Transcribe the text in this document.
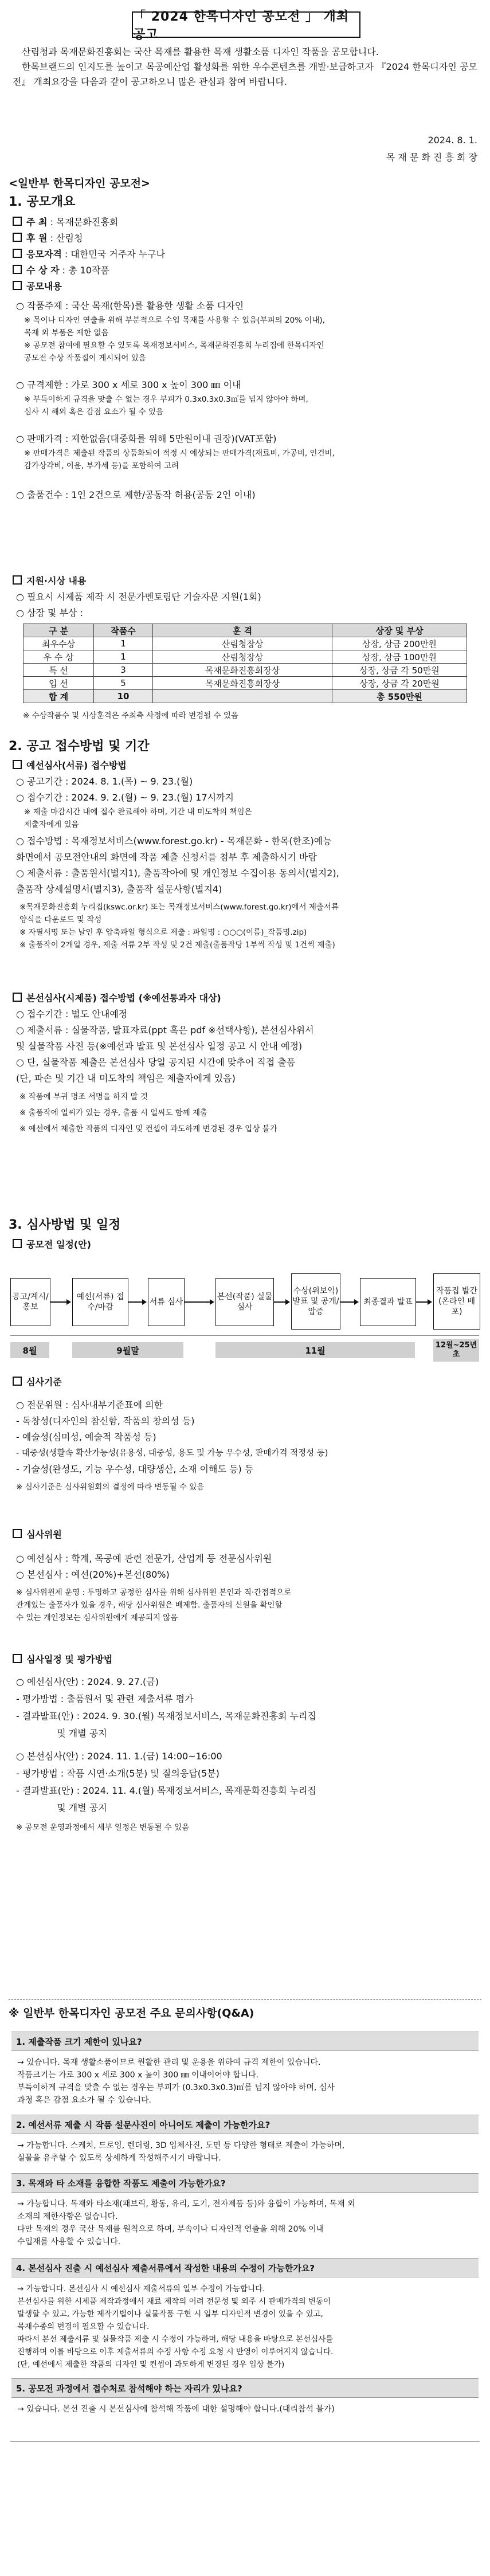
「 2024 한목디자인 공모전 」 개최 공고

산림청과 목재문화진흥회는 국산 목재를 활용한 목재 생활소품 디자인 작품을 공모합니다.

한목브랜드의 인지도를 높이고 목공예산업 활성화를 위한 우수콘텐츠를 개발·보급하고자 『2024 한목디자인 공모전』 개최요강을 다음과 같이 공고하오니 많은 관심과 참여 바랍니다.

2024. 8. 1.
목 재 문 화 진 흥 회 장
<일반부 한목디자인 공모전>
1. 공모개요
주 최 : 목재문화진흥회
후 원 : 산림청
응모자격 : 대한민국 거주자 누구나
수 상 자 : 총 10작품
공모내용
○ 작품주제 : 국산 목재(한목)를 활용한 생활 소품 디자인
※ 목이나 디자인 연출을 위해 부분적으로 수입 목재를 사용할 수 있음(부피의 20% 이내),
목재 외 부품은 제한 없음
※ 공모전 참여에 필요할 수 있도록 목재정보서비스, 목재문화진흥회 누리집에 한목디자인
공모전 수상 작품집이 게시되어 있음
○ 규격제한 : 가로 300 x 세로 300 x 높이 300 ㎜ 이내
※ 부득이하게 규격을 맞출 수 없는 경우 부피가 0.3x0.3x0.3㎥를 넘지 않아야 하며,
심사 시 해외 혹은 감점 요소가 될 수 있음
○ 판매가격 : 제한없음(대중화를 위해 5만원이내 권장)(VAT포함)
※ 판매가격은 제출된 작품의 상품화되어 적정 시 예상되는 판매가격(재료비, 가공비, 인건비,
감가상각비, 이윤, 부가세 등)을 포함하여 고려
○ 출품건수 : 1인 2건으로 제한/공동작 허용(공동 2인 이내)
지원·시상 내용
○ 필요시 시제품 제작 시 전문가멘토링단 기술자문 지원(1회)
○ 상장 및 부상 :
구 분	작품수	훈 격	상장 및 부상
최우수상	1	산림청장상	상장, 상금 200만원
우 수 상	1	산림청장상	상장, 상금 100만원
특 선	3	목재문화진흥회장상	상장, 상금 각 50만원
입 선	5	목재문화진흥회장상	상장, 상금 각 20만원
합 계	10		총 550만원
※ 수상작품수 및 시상훈격은 주최측 사정에 따라 변경될 수 있음
2. 공고 접수방법 및 기간
예선심사(서류) 접수방법
○ 공고기간 : 2024. 8. 1.(목) ~ 9. 23.(월)
○ 접수기간 : 2024. 9. 2.(월) ~ 9. 23.(월) 17시까지
※ 제출 마감시간 내에 접수 완료해야 하며, 기간 내 미도착의 책임은
제출자에게 있음
○ 접수방법 : 목재정보서비스(www.forest.go.kr) - 목재문화 - 한목(한조)예능
화면에서 공모전안내의 화면에 작품 제출 신청서를 첨부 후 제출하시기 바람
○ 제출서류 : 출품원서(별지1), 출품작아에 및 개인정보 수집이용 동의서(별지2),
출품작 상세설명서(별지3), 출품작 설문사항(별지4)
※목재문화진흥회 누리집(kswc.or.kr) 또는 목재정보서비스(www.forest.go.kr)에서 제출서류
양식을 다운로드 및 작성
※ 자필서명 또는 날인 후 압축파일 형식으로 제출 : 파일명 : ○○○(이름)_작품명.zip)
※ 출품작이 2개일 경우, 제출 서류 2부 작성 및 2건 제출(출품작당 1부씩 작성 및 1건씩 제출)
본선심사(시제품) 접수방법 (※예선통과자 대상)
○ 접수기간 : 별도 안내예정
○ 제출서류 : 실물작품, 발표자료(ppt 혹은 pdf ※선택사항), 본선심사위서
및 실물작품 사진 등(※예선과 발표 및 본선심사 일정 공고 시 안내 예정)
○ 단, 실물작품 제출은 본선심사 당일 공지된 시간에 맞추어 직접 출품
(단, 파손 및 기간 내 미도착의 책임은 제출자에게 있음)
※ 작품에 부귀 명조 서명을 하지 말 것
※ 출품작에 얼씨가 있는 경우, 출품 시 얼씨도 함께 제출
※ 예선에서 제출한 작품의 디자인 및 컨셉이 과도하게 변경된 경우 입상 불가
3. 심사방법 및 일정
공모전 일정(안)
공고/계시/홍보
예선(서류) 접수/마감
서류 심사
본선(작품) 실물심사
수상(위보익) 발표 및 공개/압증
최종결과 발표
작품집 발간 (온라인 배포)
8월	9월말	11월	12월~25년 초
심사기준
○ 전문위원 : 심사내부기준표에 의한
- 독창성(디자인의 참신함, 작품의 창의성 등)
- 예술성(심미성, 예술적 작품성 등)
- 대중성(생활속 확산가능성(유용성, 대중성, 용도 및 가능 우수성, 판매가격 적정성 등)
- 기술성(완성도, 기능 우수성, 대량생산, 소재 이해도 등) 등
※ 심사기준은 심사위원회의 결정에 따라 변동될 수 있음
심사위원
○ 예선심사 : 학계, 목공예 관련 전문가, 산업계 등 전문심사위원
○ 본선심사 : 예선(20%)+본선(80%)
※ 심사위원제 운영 : 투명하고 공정한 심사를 위해 심사위원 본인과 직·간접적으로
관계있는 출품자가 있을 경우, 해당 심사위원은 배제함. 출품자의 신원을 확인할
수 있는 개인정보는 심사위원에게 제공되지 않음
심사일정 및 평가방법
○ 예선심사(안) : 2024. 9. 27.(금)
- 평가방법 : 출품원서 및 관련 제출서류 평가
- 결과발표(안) : 2024. 9. 30.(월) 목재정보서비스, 목재문화진흥회 누리집
및 개별 공지
○ 본선심사(안) : 2024. 11. 1.(금) 14:00~16:00
- 평가방법 : 작품 시연·소개(5분) 및 질의응답(5분)
- 결과발표(안) : 2024. 11. 4.(월) 목재정보서비스, 목재문화진흥회 누리집
및 개별 공지
※ 공모전 운영과정에서 세부 일정은 변동될 수 있음
※ 일반부 한목디자인 공모전 주요 문의사항(Q&A)
1. 제출작품 크기 제한이 있나요?
→ 있습니다. 목재 생활소품이므로 원활한 관리 및 운용을 위하여 규격 제한이 있습니다.
작품크기는 가로 300 x 세로 300 x 높이 300 ㎜ 이내이어야 합니다.
부득이하게 규격을 맞출 수 없는 경우는 부피가 (0.3x0.3x0.3)㎥를 넘지 않아야 하며, 심사
과정 혹은 감점 요소가 될 수 있습니다.
2. 예선서류 제출 시 작품 설문사진이 아니어도 제출이 가능한가요?
→ 가능합니다. 스케치, 드로잉, 렌더링, 3D 입체사진, 도면 등 다양한 형태로 제출이 가능하며,
실물을 유추할 수 있도록 상세하게 작성해주시기 바랍니다.
3. 목재와 타 소재를 융합한 작품도 제출이 가능한가요?
→ 가능합니다. 목재와 타소재(패브릭, 황동, 유리, 도기, 전자제품 등)와 융합이 가능하며, 목재 외
소재의 제한사항은 없습니다.
다만 목재의 경우 국산 목재를 원칙으로 하며, 부속이나 디자인적 연출을 위해 20% 이내
수입재를 사용할 수 있습니다.
4. 본선심사 진출 시 예선심사 제출서류에서 작성한 내용의 수정이 가능한가요?
→ 가능합니다. 본선심사 시 예선심사 제출서류의 일부 수정이 가능합니다.
본선심사를 위한 시제품 제작과정에서 재료 제작의 어려 전문성 및 외주 시 판매가격의 변동이
발생할 수 있고, 가능한 제작기법이나 실물작품 구현 시 일부 디자인적 변경이 있을 수 있고,
목재수종의 변경이 필요할 수 있습니다.
따라서 본선 제출서류 및 실물작품 제출 시 수정이 가능하며, 해당 내용을 바탕으로 본선심사를
진행하며 이를 바탕으로 이후 제출서류의 수정 사항 수정 요청 시 반영이 이루어지지 않습니다.
(단, 예선에서 제출한 작품의 디자인 및 컨셉이 과도하게 변경된 경우 입상 불가)
5. 공모전 과정에서 접수처로 참석해야 하는 자리가 있나요?
→ 있습니다. 본선 진출 시 본선심사에 참석해 작품에 대한 설명해야 합니다.(대리참석 불가)
